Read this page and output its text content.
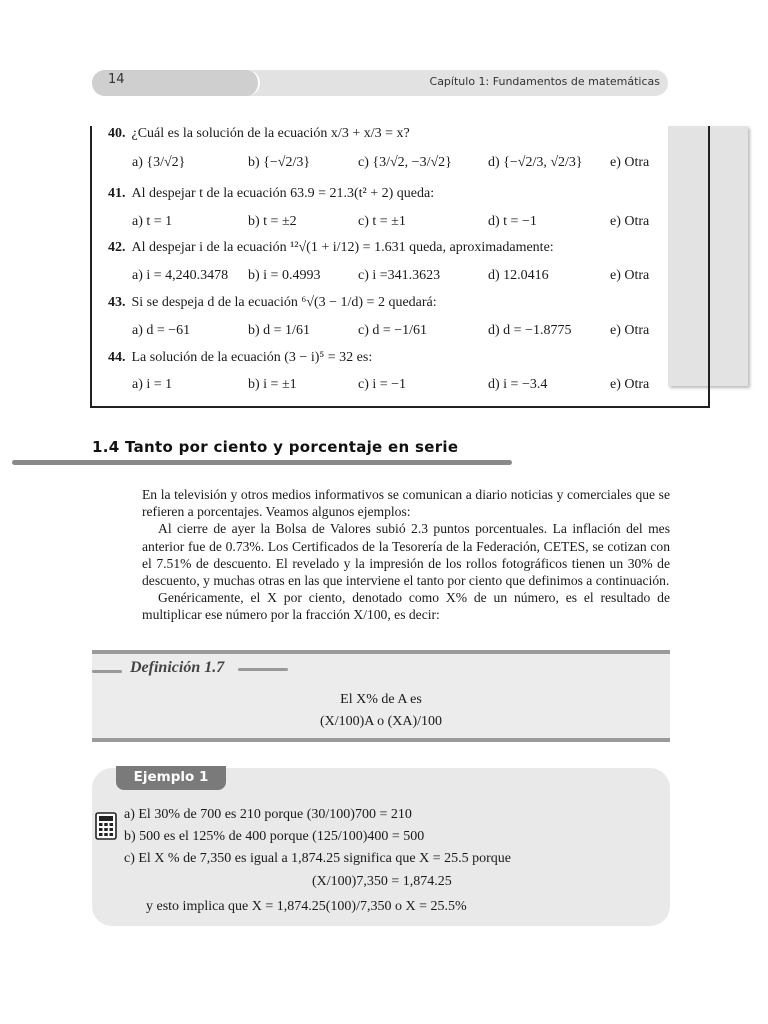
14	Capítulo 1: Fundamentos de matemáticas
40. ¿Cuál es la solución de la ecuación x/3 + x/3 = x?
a) {3/√2}	b) {−√2/3}	c) {3/√2, −3/√2}	d) {−√2/3, √2/3} e) Otra
41. Al despejar t de la ecuación 63.9 = 21.3(t² + 2) queda:
a) t = 1	b) t = ±2	c) t = ±1	d) t = −1	e) Otra
42. Al despejar i de la ecuación ¹²√(1 + i/12) = 1.631 queda, aproximadamente:
a) i = 4,240.3478 b) i = 0.4993	c) i =341.3623	d) 12.0416	e) Otra
43. Si se despeja d de la ecuación ⁶√(3 − 1/d) = 2 quedará:
a) d = −61	b) d = 1/61	c) d = −1/61	d) d = −1.8775	e) Otra
44. La solución de la ecuación (3 − i)⁵ = 32 es:
a) i = 1	b) i = ±1	c) i = −1	d) i = −3.4	e) Otra
1.4 Tanto por ciento y porcentaje en serie

En la televisión y otros medios informativos se comunican a diario noticias y comerciales que se refieren a porcentajes. Veamos algunos ejemplos:

Al cierre de ayer la Bolsa de Valores subió 2.3 puntos porcentuales. La inflación del mes anterior fue de 0.73%. Los Certificados de la Tesorería de la Federación, CETES, se cotizan con el 7.51% de descuento. El revelado y la impresión de los rollos fotográficos tienen un 30% de descuento, y muchas otras en las que interviene el tanto por ciento que definimos a continuación.

Genéricamente, el X por ciento, denotado como X% de un número, es el resultado de multiplicar ese número por la fracción X/100, es decir:

Definición 1.7
El X% de A es
(X/100)A o (XA)/100
Ejemplo 1
a) El 30% de 700 es 210 porque (30/100)700 = 210
b) 500 es el 125% de 400 porque (125/100)400 = 500
c) El X % de 7,350 es igual a 1,874.25 significa que X = 25.5 porque
(X/100)7,350 = 1,874.25
y esto implica que X = 1,874.25(100)/7,350 o X = 25.5%
